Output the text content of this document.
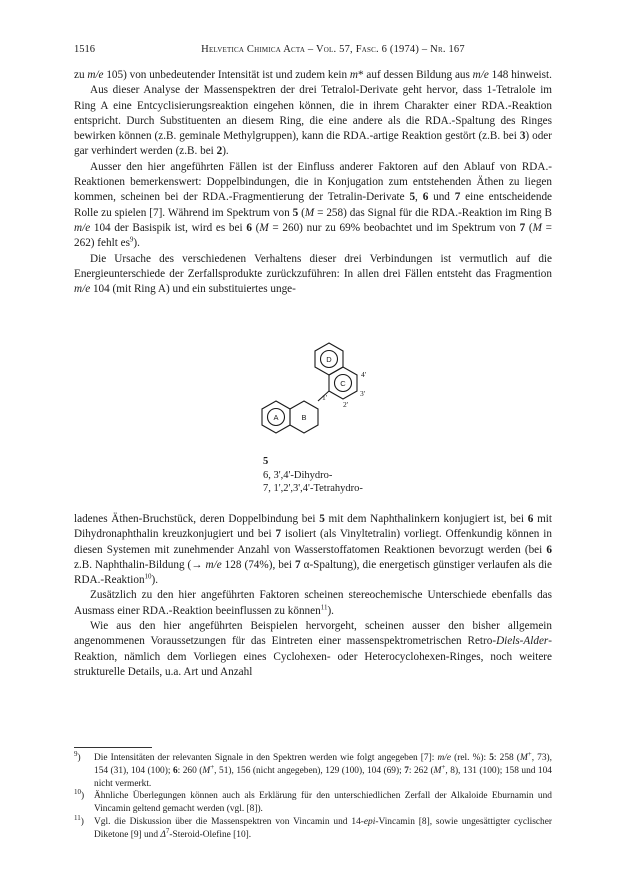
1516	Helvetica Chimica Acta – Vol. 57, Fasc. 6 (1974) – Nr. 167

zu m/e 105) von unbedeutender Intensität ist und zudem kein m* auf dessen Bildung aus m/e 148 hinweist.

Aus dieser Analyse der Massenspektren der drei Tetralol-Derivate geht hervor, dass 1-Tetralole im Ring A eine Entcyclisierungsreaktion eingehen können, die in ihrem Charakter einer RDA.-Reaktion entspricht. Durch Substituenten an diesem Ring, die eine andere als die RDA.-Spaltung des Ringes bewirken können (z.B. geminale Methylgruppen), kann die RDA.-artige Reaktion gestört (z.B. bei 3) oder gar verhindert werden (z.B. bei 2).

Ausser den hier angeführten Fällen ist der Einfluss anderer Faktoren auf den Ablauf von RDA.-Reaktionen bemerkenswert: Doppelbindungen, die in Konjugation zum entstehenden Äthen zu liegen kommen, scheinen bei der RDA.-Fragmentierung der Tetralin-Derivate 5, 6 und 7 eine entscheidende Rolle zu spielen [7]. Während im Spektrum von 5 (M = 258) das Signal für die RDA.-Reaktion im Ring B m/e 104 der Basispik ist, wird es bei 6 (M = 260) nur zu 69% beobachtet und im Spektrum von 7 (M = 262) fehlt $es^9$).

Die Ursache des verschiedenen Verhaltens dieser drei Verbindungen ist vermutlich auf die Energieunterschiede der Zerfallsprodukte zurückzuführen: In allen drei Fällen entsteht das Fragmention m/e 104 (mit Ring A) und ein substituiertes unge-

D
C
A	B
4'
3'
2'
1'
5
6, 3',4'-Dihydro-
7, 1',2',3',4'-Tetrahydro-

ladenes Äthen-Bruchstück, deren Doppelbindung bei 5 mit dem Naphthalinkern konjugiert ist, bei 6 mit Dihydronaphthalin kreuzkonjugiert und bei 7 isoliert (als Vinyltetralin) vorliegt. Offenkundig können in diesen Systemen mit zunehmender Anzahl von Wasserstoffatomen Reaktionen bevorzugt werden (bei 6 z.B. Naphthalin-Bildung (→ m/e 128 (74%), bei 7 α-Spaltung), die energetisch günstiger verlaufen als die RDA.-Reaktion$^{10}$).

Zusätzlich zu den hier angeführten Faktoren scheinen stereochemische Unterschiede ebenfalls das Ausmass einer RDA.-Reaktion beeinflussen zu können$^{11}$).

Wie aus den hier angeführten Beispielen hervorgeht, scheinen ausser den bisher allgemein angenommenen Voraussetzungen für das Eintreten einer massenspektrometrischen Retro-Diels-Alder-Reaktion, nämlich dem Vorliegen eines Cyclohexen- oder Heterocyclohexen-Ringes, noch weitere strukturelle Details, u.a. Art und Anzahl

$^9$) Die Intensitäten der relevanten Signale in den Spektren werden wie folgt angegeben [7]: m/e (rel. %): 5: 258 (M+, 73), 154 (31), 104 (100); 6: 260 (M+, 51), 156 (nicht angegeben), 129 (100), 104 (69); 7: 262 (M+, 8), 131 (100); 158 und 104 nicht vermerkt.

$^{10}$) Ähnliche Überlegungen können auch als Erklärung für den unterschiedlichen Zerfall der Alkaloide Eburnamin und Vincamin geltend gemacht werden (vgl. [8]).

$^{11}$) Vgl. die Diskussion über die Massenspektren von Vincamin und 14-epi-Vincamin [8], sowie ungesättigter cyclischer Diketone [9] und $\Delta^7-Steroid$-Olefine [10].
